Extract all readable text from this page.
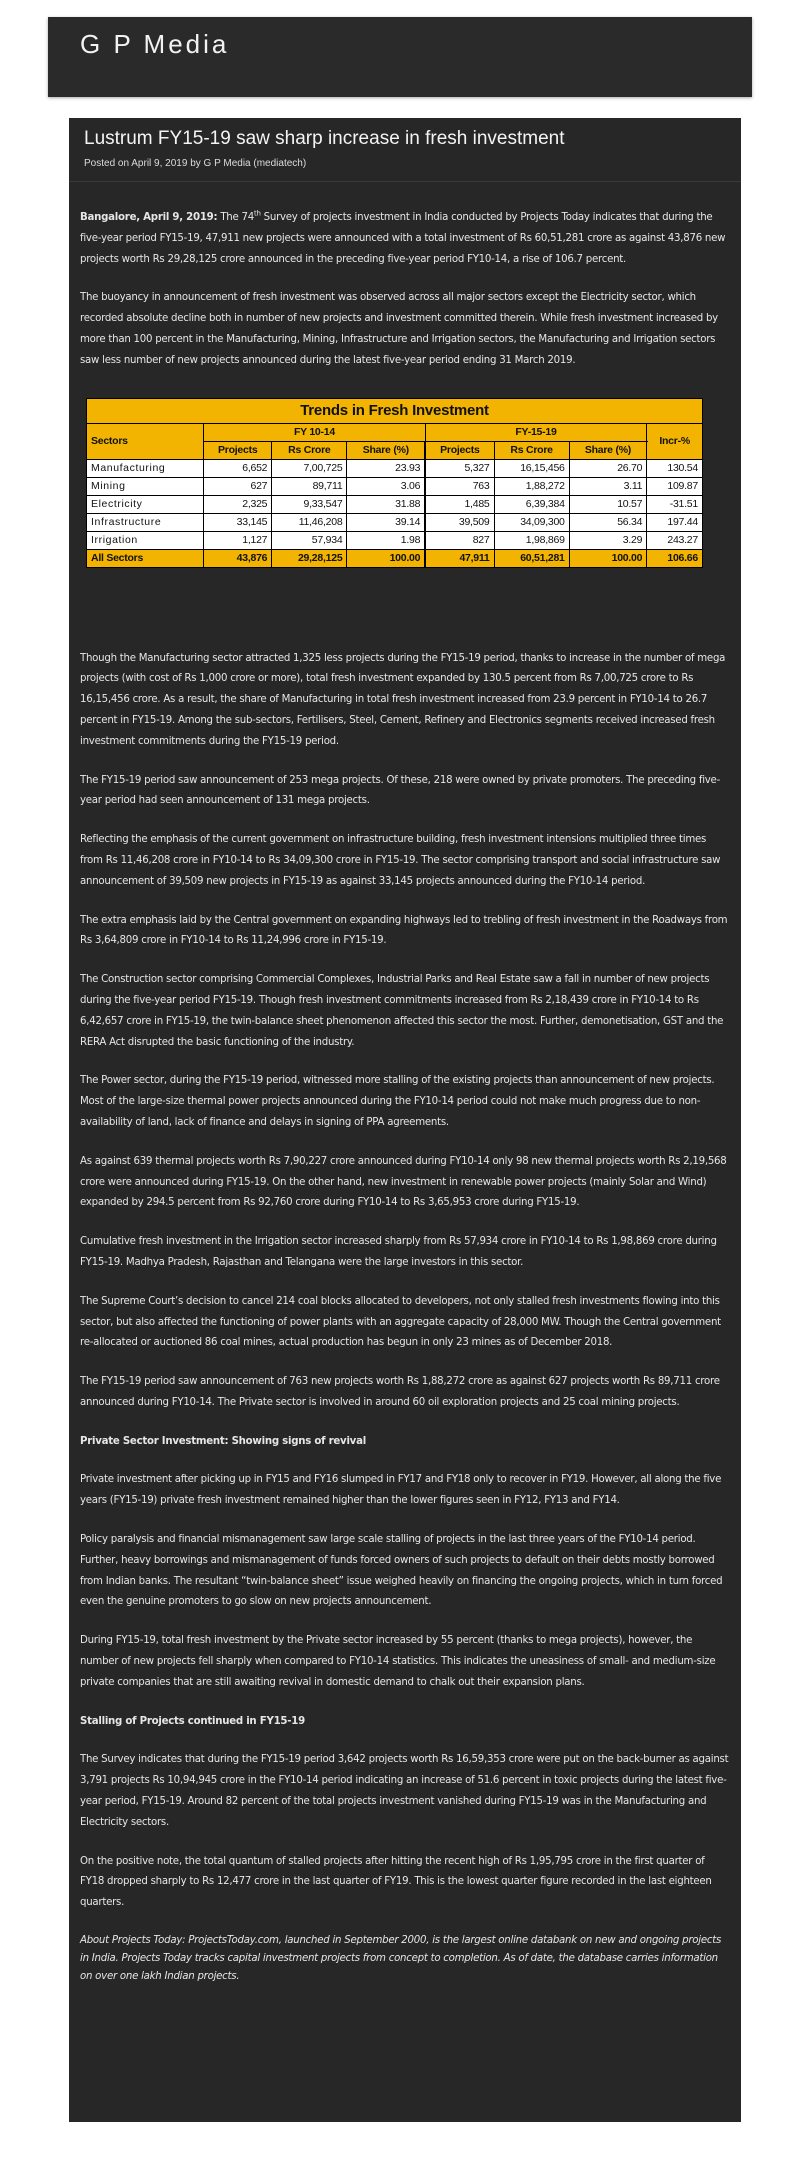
G P Media
Lustrum FY15-19 saw sharp increase in fresh investment
Posted on April 9, 2019 by G P Media (mediatech)

Bangalore, April 9, 2019: The 74th Survey of projects investment in India conducted by Projects Today indicates that during the five-year period FY15-19, 47,911 new projects were announced with a total investment of Rs 60,51,281 crore as against 43,876 new projects worth Rs 29,28,125 crore announced in the preceding five-year period FY10-14, a rise of 106.7 percent.

The buoyancy in announcement of fresh investment was observed across all major sectors except the Electricity sector, which recorded absolute decline both in number of new projects and investment committed therein. While fresh investment increased by more than 100 percent in the Manufacturing, Mining, Infrastructure and Irrigation sectors, the Manufacturing and Irrigation sectors saw less number of new projects announced during the latest five-year period ending 31 March 2019.

Trends in Fresh Investment							
Sectors	FY 10-14			FY-15-19			Incr-%
	Projects	Rs Crore	Share (%)	Projects	Rs Crore	Share (%)	
Manufacturing	6,652	7,00,725	23.93	5,327	16,15,456	26.70	130.54
Mining	627	89,711	3.06	763	1,88,272	3.11	109.87
Electricity	2,325	9,33,547	31.88	1,485	6,39,384	10.57	-31.51
Infrastructure	33,145	11,46,208	39.14	39,509	34,09,300	56.34	197.44
Irrigation	1,127	57,934	1.98	827	1,98,869	3.29	243.27
All Sectors	43,876	29,28,125	100.00	47,911	60,51,281	100.00	106.66

Though the Manufacturing sector attracted 1,325 less projects during the FY15-19 period, thanks to increase in the number of mega projects (with cost of Rs 1,000 crore or more), total fresh investment expanded by 130.5 percent from Rs 7,00,725 crore to Rs 16,15,456 crore. As a result, the share of Manufacturing in total fresh investment increased from 23.9 percent in FY10-14 to 26.7 percent in FY15-19. Among the sub-sectors, Fertilisers, Steel, Cement, Refinery and Electronics segments received increased fresh investment commitments during the FY15-19 period.

The FY15-19 period saw announcement of 253 mega projects. Of these, 218 were owned by private promoters. The preceding five-year period had seen announcement of 131 mega projects.

Reflecting the emphasis of the current government on infrastructure building, fresh investment intensions multiplied three times from Rs 11,46,208 crore in FY10-14 to Rs 34,09,300 crore in FY15-19. The sector comprising transport and social infrastructure saw announcement of 39,509 new projects in FY15-19 as against 33,145 projects announced during the FY10-14 period.

The extra emphasis laid by the Central government on expanding highways led to trebling of fresh investment in the Roadways from Rs 3,64,809 crore in FY10-14 to Rs 11,24,996 crore in FY15-19.

The Construction sector comprising Commercial Complexes, Industrial Parks and Real Estate saw a fall in number of new projects during the five-year period FY15-19. Though fresh investment commitments increased from Rs 2,18,439 crore in FY10-14 to Rs 6,42,657 crore in FY15-19, the twin-balance sheet phenomenon affected this sector the most. Further, demonetisation, GST and the RERA Act disrupted the basic functioning of the industry.

The Power sector, during the FY15-19 period, witnessed more stalling of the existing projects than announcement of new projects. Most of the large-size thermal power projects announced during the FY10-14 period could not make much progress due to non-availability of land, lack of finance and delays in signing of PPA agreements.

As against 639 thermal projects worth Rs 7,90,227 crore announced during FY10-14 only 98 new thermal projects worth Rs 2,19,568 crore were announced during FY15-19. On the other hand, new investment in renewable power projects (mainly Solar and Wind) expanded by 294.5 percent from Rs 92,760 crore during FY10-14 to Rs 3,65,953 crore during FY15-19.

Cumulative fresh investment in the Irrigation sector increased sharply from Rs 57,934 crore in FY10-14 to Rs 1,98,869 crore during FY15-19. Madhya Pradesh, Rajasthan and Telangana were the large investors in this sector.

The Supreme Court’s decision to cancel 214 coal blocks allocated to developers, not only stalled fresh investments flowing into this sector, but also affected the functioning of power plants with an aggregate capacity of 28,000 MW. Though the Central government re-allocated or auctioned 86 coal mines, actual production has begun in only 23 mines as of December 2018.

The FY15-19 period saw announcement of 763 new projects worth Rs 1,88,272 crore as against 627 projects worth Rs 89,711 crore announced during FY10-14. The Private sector is involved in around 60 oil exploration projects and 25 coal mining projects.

Private Sector Investment: Showing signs of revival

Private investment after picking up in FY15 and FY16 slumped in FY17 and FY18 only to recover in FY19. However, all along the five years (FY15-19) private fresh investment remained higher than the lower figures seen in FY12, FY13 and FY14.

Policy paralysis and financial mismanagement saw large scale stalling of projects in the last three years of the FY10-14 period. Further, heavy borrowings and mismanagement of funds forced owners of such projects to default on their debts mostly borrowed from Indian banks. The resultant “twin-balance sheet” issue weighed heavily on financing the ongoing projects, which in turn forced even the genuine promoters to go slow on new projects announcement.

During FY15-19, total fresh investment by the Private sector increased by 55 percent (thanks to mega projects), however, the number of new projects fell sharply when compared to FY10-14 statistics. This indicates the uneasiness of small- and medium-size private companies that are still awaiting revival in domestic demand to chalk out their expansion plans.

Stalling of Projects continued in FY15-19

The Survey indicates that during the FY15-19 period 3,642 projects worth Rs 16,59,353 crore were put on the back-burner as against 3,791 projects Rs 10,94,945 crore in the FY10-14 period indicating an increase of 51.6 percent in toxic projects during the latest five-year period, FY15-19. Around 82 percent of the total projects investment vanished during FY15-19 was in the Manufacturing and Electricity sectors.

On the positive note, the total quantum of stalled projects after hitting the recent high of Rs 1,95,795 crore in the first quarter of FY18 dropped sharply to Rs 12,477 crore in the last quarter of FY19. This is the lowest quarter figure recorded in the last eighteen quarters.

About Projects Today: ProjectsToday.com, launched in September 2000, is the largest online databank on new and ongoing projects in India. Projects Today tracks capital investment projects from concept to completion. As of date, the database carries information on over one lakh Indian projects.
